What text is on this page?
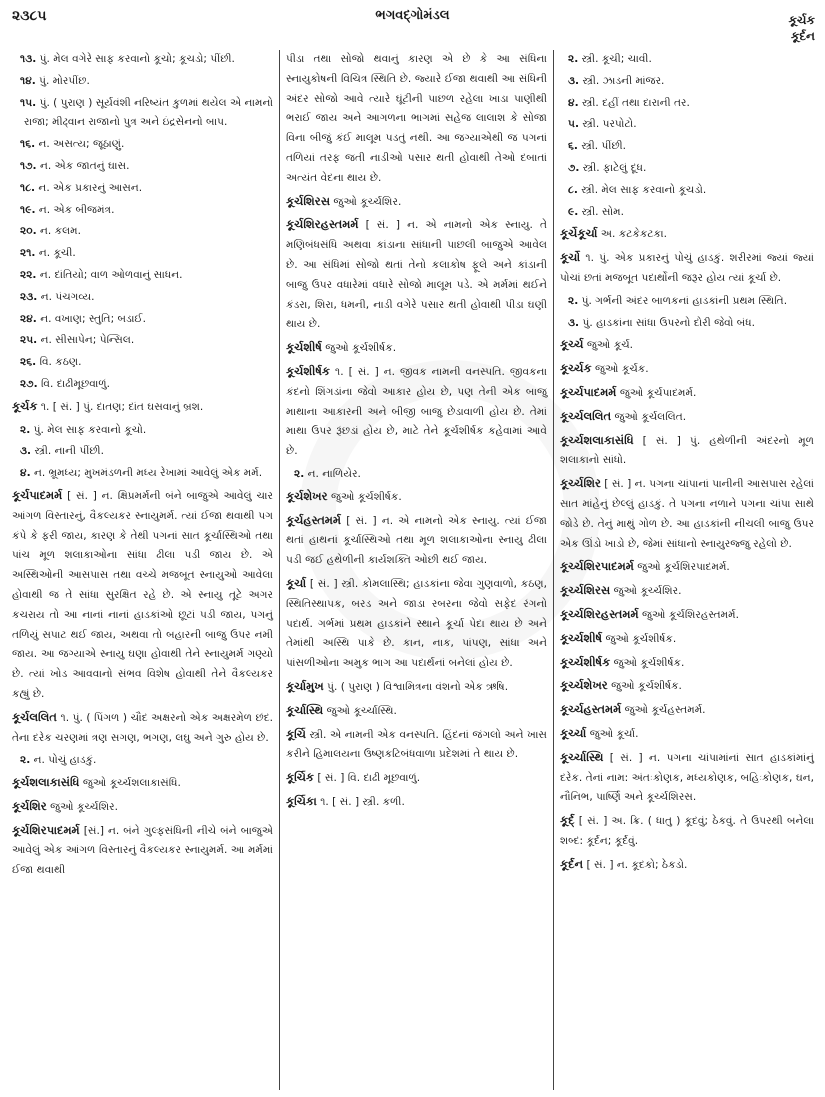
૨૩૮૫	ભગવદ્ગોમંડલ	કૂર્ચક
કૂર્દન

૧૩. પું. મેલ વગેરે સાફ કરવાનો કૂચો; કૂચડો; પીંછી.

૧૪. પું. મોરપીંછ.

૧૫. પું. ( પુરાણ ) સૂર્યવંશી નરિષ્યંત કુળમાં થયેલ એ નામનો રાજા; મીઢ્વાન રાજાનો પુત્ર અને ઇંદ્રસેનનો બાપ.

૧૬. ન. અસત્ય; જૂઠાણું.

૧૭. ન. એક જાતનું ઘાસ.

૧૮. ન. એક પ્રકારનું આસન.

૧૯. ન. એક બીજમંત્ર.

૨૦. ન. કલમ.

૨૧. ન. કૂચી.

૨૨. ન. દાંતિયો; વાળ ઓળવાનું સાધન.

૨૩. ન. પંચગવ્ય.

૨૪. ન. વખાણ; સ્તુતિ; બડાઈ.

૨૫. ન. સીસાપેન; પેન્સિલ.

૨૬. વિ. કઠણ.

૨૭. વિ. દાઢીમૂછવાળું.

કૂર્ચક ૧. [ સં. ] પું. દાતણ; દાંત ઘસવાનું બ્રશ.

૨. પું. મેલ સાફ કરવાનો કૂચો.

૩. સ્ત્રી. નાની પીંછી.

૪. ન. ભ્રૂમધ્ય; મુખમંડળની મધ્ય રેખામાં આવેલું એક મર્મ.

કૂર્ચપાદમર્મ [ સં. ] ન. ક્ષિપ્રમર્મની બંને બાજુએ આવેલું ચાર આંગળ વિસ્તારનું, વૈકલ્યકર સ્નાયુમર્મ. ત્યાં ઈજા થવાથી પગ કંપે કે ફરી જાય, કારણ કે તેથી પગનાં સાત કૂર્ચાસ્થિઓ તથા પાંચ મૂળ શલાકાઓના સાંધા ઢીલા પડી જાય છે. એ અસ્થિઓની આસપાસ તથા વચ્ચે મજબૂત સ્નાયુઓ આવેલા હોવાથી જ તે સાંધા સુરક્ષિત રહે છે. એ સ્નાયુ તૂટે અગર કચરાય તો આ નાનાં નાનાં હાડકાંઓ છૂટાં પડી જાય, પગનું તળિયું સપાટ થઈ જાય, અથવા તો બહારની બાજુ ઉપર નમી જાય. આ જગ્યાએ સ્નાયુ ઘણા હોવાથી તેને સ્નાયુમર્મ ગણ્યો છે. ત્યાં ખોડ આવવાનો સંભવ વિશેષ હોવાથી તેને વૈકલ્યકર કહ્યું છે.

કૂર્ચલલિત ૧. પું. ( પિંગળ ) ચૌદ અક્ષરનો એક અક્ષરમેળ છંદ. તેના દરેક ચરણમાં ત્રણ સગણ, ભગણ, લઘુ અને ગુરુ હોય છે.

૨. ન. પોચું હાડકું.

કૂર્ચશલાકાસંધિ જુઓ કૂર્ચ્ચશલાકાસંધિ.

કૂર્ચશિર જુઓ કૂર્ચ્ચશિર.

કૂર્ચશિરપાદમર્મ [સં.] ન. બંને ગુલ્ફસંધિની નીચે બંને બાજુએ આવેલું એક આંગળ વિસ્તારનું વૈકલ્યકર સ્નાયુમર્મ. આ મર્મમાં ઈજા થવાથી

પીડા તથા સોજો થવાનું કારણ એ છે કે આ સંધિના સ્નાયુકોષની વિચિત્ર સ્થિતિ છે. જ્યારે ઈજા થવાથી આ સંધિની અંદર સોજો આવે ત્યારે ઘૂંટીની પાછળ રહેલા ખાડા પાણીથી ભરાઈ જાય અને આગળના ભાગમાં સહેજ લાલાશ કે સોજા વિના બીજું કંઈ માલૂમ પડતું નથી. આ જગ્યાએથી જ પગનાં તળિયાં તરફ જતી નાડીઓ પસાર થતી હોવાથી તેઓ દબાતાં અત્યંત વેદના થાય છે.

કૂર્ચશિરસ જુઓ કૂર્ચ્ચશિર.

કૂર્ચશિરહસ્તમર્મ [ સં. ] ન. એ નામનો એક સ્નાયુ. તે મણિબંધસંધિ અથવા કાંડાના સાંધાની પાછલી બાજુએ આવેલ છે. આ સંધિમાં સોજો થતાં તેનો કલાકોષ ફૂલે અને કાંડાની બાજુ ઉપર વધારેમાં વધારે સોજો માલૂમ પડે. એ મર્મમાં થઈને કંડરા, શિરા, ધમની, નાડી વગેરે પસાર થતી હોવાથી પીડા ઘણી થાય છે.

કૂર્ચશીર્ષ જુઓ કૂર્ચશીર્ષક.

કૂર્ચશીર્ષક ૧. [ સં. ] ન. જીવક નામની વનસ્પતિ. જીવકના કંદનો શિંગડાંના જેવો આકાર હોય છે, પણ તેની એક બાજુ માથાના આકારની અને બીજી બાજુ છેડાવાળી હોય છે. તેમાં માથા ઉપર રૂંછડાં હોય છે, માટે તેને કૂર્ચશીર્ષક કહેવામાં આવે છે.

૨. ન. નાળિયેર.

કૂર્ચશેખર જુઓ કૂર્ચશીર્ષક.

કૂર્ચહસ્તમર્મ [ સં. ] ન. એ નામનો એક સ્નાયુ. ત્યાં ઈજા થતાં હાથનાં કૂર્ચાસ્થિઓ તથા મૂળ શલાકાઓના સ્નાયુ ઢીલા પડી જઈ હથેળીની કાર્યશક્તિ ઓછી થઈ જાય.

કૂર્ચા [ સં. ] સ્ત્રી. કોમલાસ્થિ; હાડકાંના જેવા ગુણવાળો, કઠણ, સ્થિતિસ્થાપક, બરડ અને જાડા રબરના જેવો સફેદ રંગનો પદાર્થ. ગર્ભમાં પ્રથમ હાડકાંને સ્થાને કૂર્ચા પેદા થાય છે અને તેમાંથી અસ્થિ પાકે છે. કાન, નાક, પાંપણ, સાંધા અને પાંસળીઓના અમુક ભાગ આ પદાર્થનાં બનેલાં હોય છે.

કૂર્ચામુખ પું. ( પુરાણ ) વિશ્વામિત્રના વંશનો એક ઋષિ.

કૂર્ચાસ્થિ જુઓ કૂર્ચ્ચાસ્થિ.

કૂર્ચિ સ્ત્રી. એ નામની એક વનસ્પતિ. હિંદનાં જંગલો અને ખાસ કરીને હિમાલયના ઉષ્ણકટિબંધવાળા પ્રદેશમાં તે થાય છે.

કૂર્ચિક [ સં. ] વિ. દાઢી મૂછવાળું.

કૂર્ચિકા ૧. [ સં. ] સ્ત્રી. કળી.

૨. સ્ત્રી. કૂચી; ચાવી.

૩. સ્ત્રી. ઝાડની માંજર.

૪. સ્ત્રી. દહીં તથા દારાની તર.

૫. સ્ત્રી. પરપોટો.

૬. સ્ત્રી. પીંછી.

૭. સ્ત્રી. ફાટેલું દૂધ.

૮. સ્ત્રી. મેલ સાફ કરવાનો કૂચડો.

૯. સ્ત્રી. સોમ.

કૂર્ચેકૂર્ચા અ. કટકેકટકા.

કૂર્ચો ૧. પું. એક પ્રકારનું પોચું હાડકું. શરીરમાં જ્યાં જ્યાં પોચાં છતાં મજબૂત પદાર્થોની જરૂર હોય ત્યાં કૂર્ચા છે.

૨. પું. ગર્ભની અંદર બાળકનાં હાડકાંની પ્રથમ સ્થિતિ.

૩. પું. હાડકાંના સાંધા ઉપરનો દોરી જેવો બંધ.

કૂર્ચ્ચ જુઓ કૂર્ચ.

કૂર્ચ્ચક જુઓ કૂર્ચક.

કૂર્ચ્ચપાદમર્મ જુઓ કૂર્ચપાદમર્મ.

કૂર્ચ્ચલલિત જુઓ કૂર્ચલલિત.

કૂર્ચ્ચશલાકાસંધિ [ સં. ] પું. હથેળીની અંદરનો મૂળ શલાકાનો સાંધો.

કૂર્ચ્ચશિર [ સં. ] ન. પગના ચાંપાનાં પાનીની આસપાસ રહેલાં સાત માંહેનું છેલ્લું હાડકું. તે પગના નળાને પગના ચાંપા સાથે જોડે છે. તેનું માથું ગોળ છે. આ હાડકાંની નીચલી બાજુ ઉપર એક ઊંડો ખાડો છે, જેમાં સાંધાનો સ્નાયુરજ્જુ રહેલો છે.

કૂર્ચ્ચશિરપાદમર્મ જુઓ કૂર્ચશિરપાદમર્મ.

કૂર્ચ્ચશિરસ જુઓ કૂર્ચ્ચશિર.

કૂર્ચ્ચશિરહસ્તમર્મ જુઓ કૂર્ચશિરહસ્તમર્મ.

કૂર્ચ્ચશીર્ષ જુઓ કૂર્ચશીર્ષક.

કૂર્ચ્ચશીર્ષક જુઓ કૂર્ચશીર્ષક.

કૂર્ચ્ચશેખર જુઓ કૂર્ચશીર્ષક.

કૂર્ચ્ચહસ્તમર્મ જુઓ કૂર્ચહસ્તમર્મ.

કૂર્ચ્ચા જુઓ કૂર્ચા.

કૂર્ચ્ચાસ્થિ [ સં. ] ન. પગના ચાંપામાંનાં સાત હાડકાંમાંનું દરેક. તેનાં નામ: અંતઃકોણક, મધ્યકોણક, બહિઃકોણક, ઘન, નૌનિભ, પાર્ષ્ણિ અને કૂર્ચ્ચશિરસ.

કૂર્દ્ [ સં. ] અ. ક્રિ. ( ધાતુ ) કૂદવું; ઠેકવું. તે ઉપરથી બનેલા શબ્દ: કૂર્દન; કૂર્દવું.

કૂર્દન [ સં. ] ન. કૂદકો; ઠેકડો.
